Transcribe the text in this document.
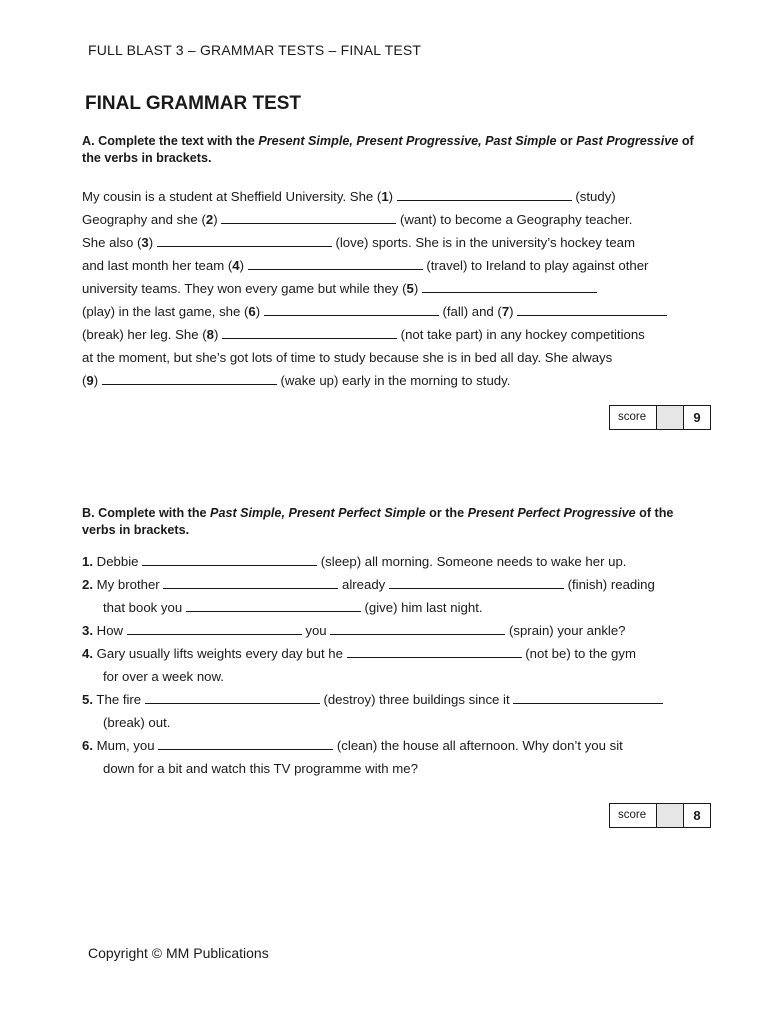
FULL BLAST 3 – GRAMMAR TESTS – FINAL TEST
FINAL GRAMMAR TEST
A. Complete the text with the Present Simple, Present Progressive, Past Simple or Past Progressive of the verbs in brackets.
My cousin is a student at Sheffield University. She (1)	(study)
Geography and she (2)	(want) to become a Geography teacher.
She also (3)	(love) sports. She is in the university’s hockey team
and last month her team (4)	(travel) to Ireland to play against other
university teams. They won every game but while they (5)
(play) in the last game, she (6)	(fall) and (7)
(break) her leg. She (8)	(not take part) in any hockey competitions
at the moment, but she’s got lots of time to study because she is in bed all day. She always
(9)	(wake up) early in the morning to study.
score	9
B. Complete with the Past Simple, Present Perfect Simple or the Present Perfect Progressive of the verbs in brackets.
1. Debbie	(sleep) all morning. Someone needs to wake her up.
2. My brother	already	(finish) reading
that book you	(give) him last night.
3. How	you	(sprain) your ankle?
4. Gary usually lifts weights every day but he	(not be) to the gym
for over a week now.
5. The fire	(destroy) three buildings since it
(break) out.
6. Mum, you	(clean) the house all afternoon. Why don’t you sit
down for a bit and watch this TV programme with me?
score	8
Copyright © MM Publications
